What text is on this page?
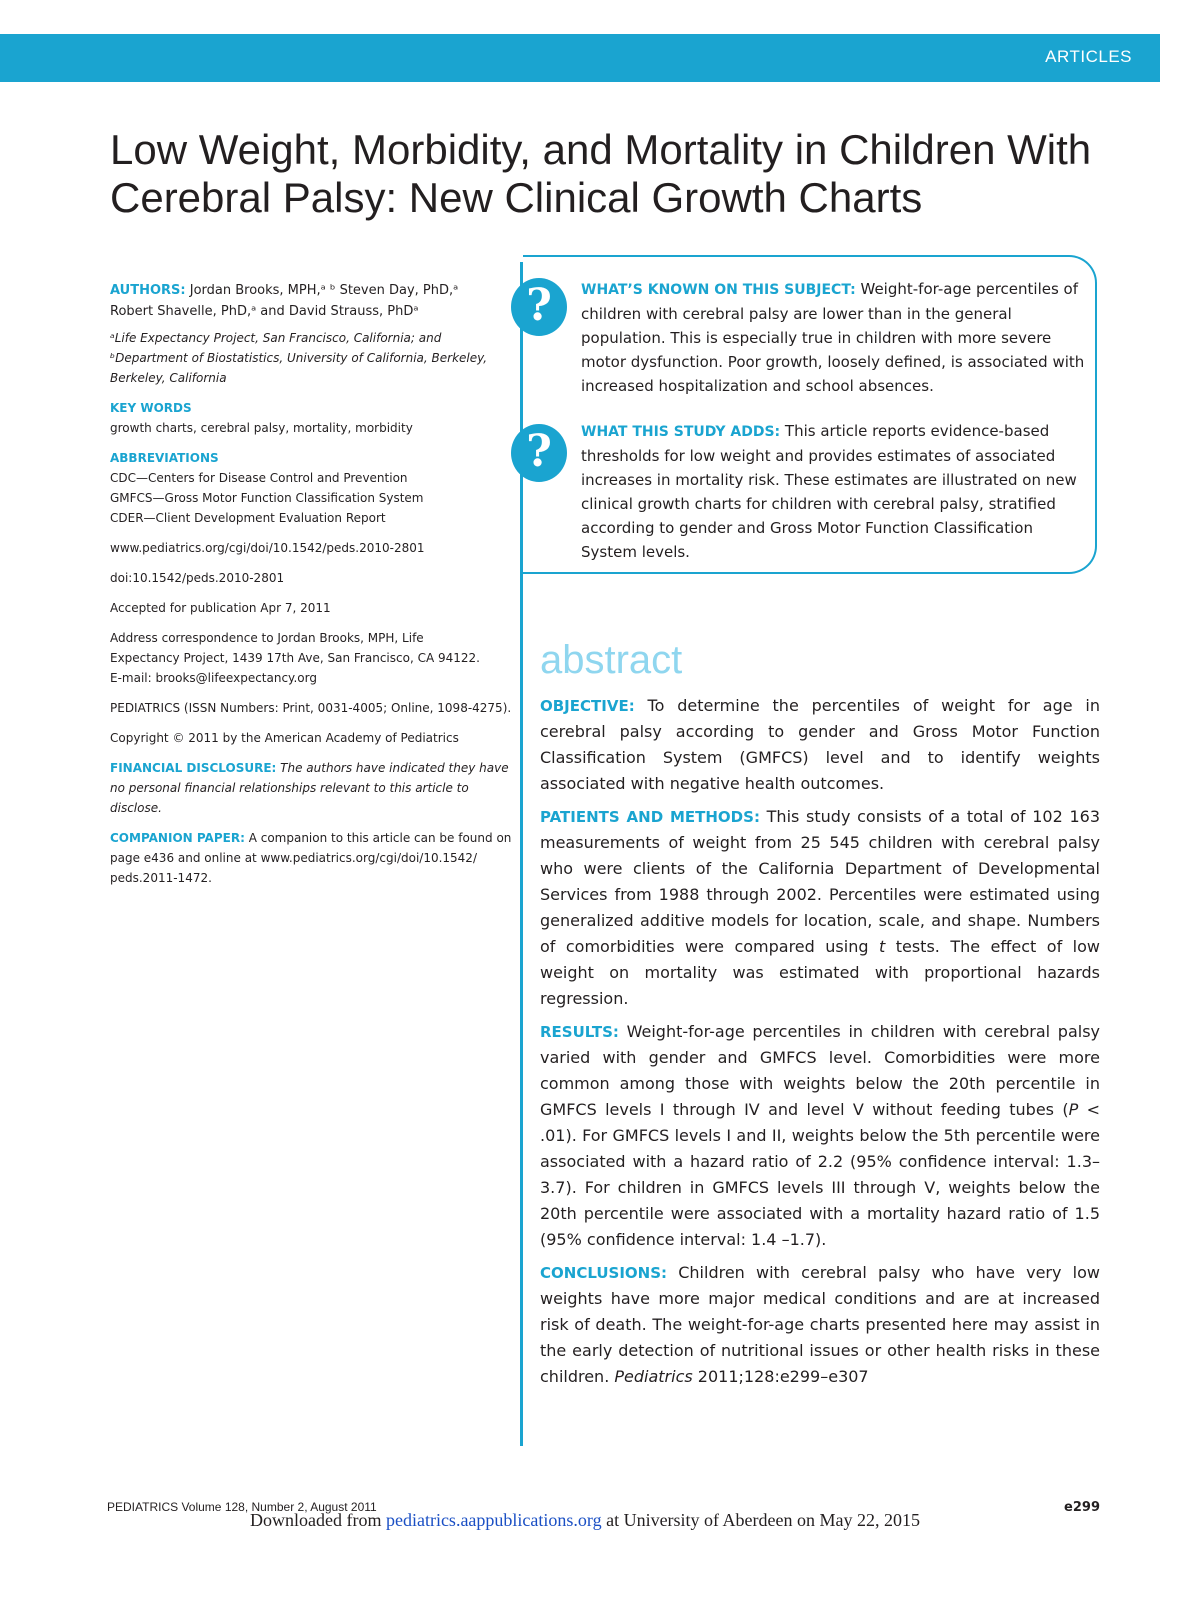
ARTICLES
Low Weight, Morbidity, and Mortality in Children With
Cerebral Palsy: New Clinical Growth Charts

AUTHORS: Jordan Brooks, MPH,ᵃ ᵇ Steven Day, PhD,ᵃ
Robert Shavelle, PhD,ᵃ and David Strauss, PhDᵃ

ᵃLife Expectancy Project, San Francisco, California; and
ᵇDepartment of Biostatistics, University of California, Berkeley,
Berkeley, California

KEY WORDS

growth charts, cerebral palsy, mortality, morbidity

ABBREVIATIONS

CDC—Centers for Disease Control and Prevention

GMFCS—Gross Motor Function Classification System

CDER—Client Development Evaluation Report

www.pediatrics.org/cgi/doi/10.1542/peds.2010-2801

doi:10.1542/peds.2010-2801

Accepted for publication Apr 7, 2011

Address correspondence to Jordan Brooks, MPH, Life
Expectancy Project, 1439 17th Ave, San Francisco, CA 94122.
E-mail: brooks@lifeexpectancy.org

PEDIATRICS (ISSN Numbers: Print, 0031-4005; Online, 1098-4275).

Copyright © 2011 by the American Academy of Pediatrics

FINANCIAL DISCLOSURE: The authors have indicated they have no personal financial relationships relevant to this article to disclose.

COMPANION PAPER: A companion to this article can be found on page e436 and online at www.pediatrics.org/cgi/doi/10.1542/ peds.2011-1472.

?
?

WHAT’S KNOWN ON THIS SUBJECT: Weight-for-age percentiles of children with cerebral palsy are lower than in the general population. This is especially true in children with more severe motor dysfunction. Poor growth, loosely defined, is associated with increased hospitalization and school absences.

WHAT THIS STUDY ADDS: This article reports evidence-based thresholds for low weight and provides estimates of associated increases in mortality risk. These estimates are illustrated on new clinical growth charts for children with cerebral palsy, stratified according to gender and Gross Motor Function Classification System levels.

abstract

OBJECTIVE: To determine the percentiles of weight for age in cerebral palsy according to gender and Gross Motor Function Classification System (GMFCS) level and to identify weights associated with negative health outcomes.

PATIENTS AND METHODS: This study consists of a total of 102 163 measurements of weight from 25 545 children with cerebral palsy who were clients of the California Department of Developmental Services from 1988 through 2002. Percentiles were estimated using generalized additive models for location, scale, and shape. Numbers of comorbidities were compared using t tests. The effect of low weight on mortality was estimated with proportional hazards regression.

RESULTS: Weight-for-age percentiles in children with cerebral palsy varied with gender and GMFCS level. Comorbidities were more common among those with weights below the 20th percentile in GMFCS levels I through IV and level V without feeding tubes (P < .01). For GMFCS levels I and II, weights below the 5th percentile were associated with a hazard ratio of 2.2 (95% confidence interval: 1.3–3.7). For children in GMFCS levels III through V, weights below the 20th percentile were associated with a mortality hazard ratio of 1.5 (95% confidence interval: 1.4 –1.7).

CONCLUSIONS: Children with cerebral palsy who have very low weights have more major medical conditions and are at increased risk of death. The weight-for-age charts presented here may assist in the early detection of nutritional issues or other health risks in these children. Pediatrics 2011;128:e299–e307

PEDIATRICS Volume 128, Number 2, August 2011	e299
Downloaded from pediatrics.aappublications.org at University of Aberdeen on May 22, 2015
